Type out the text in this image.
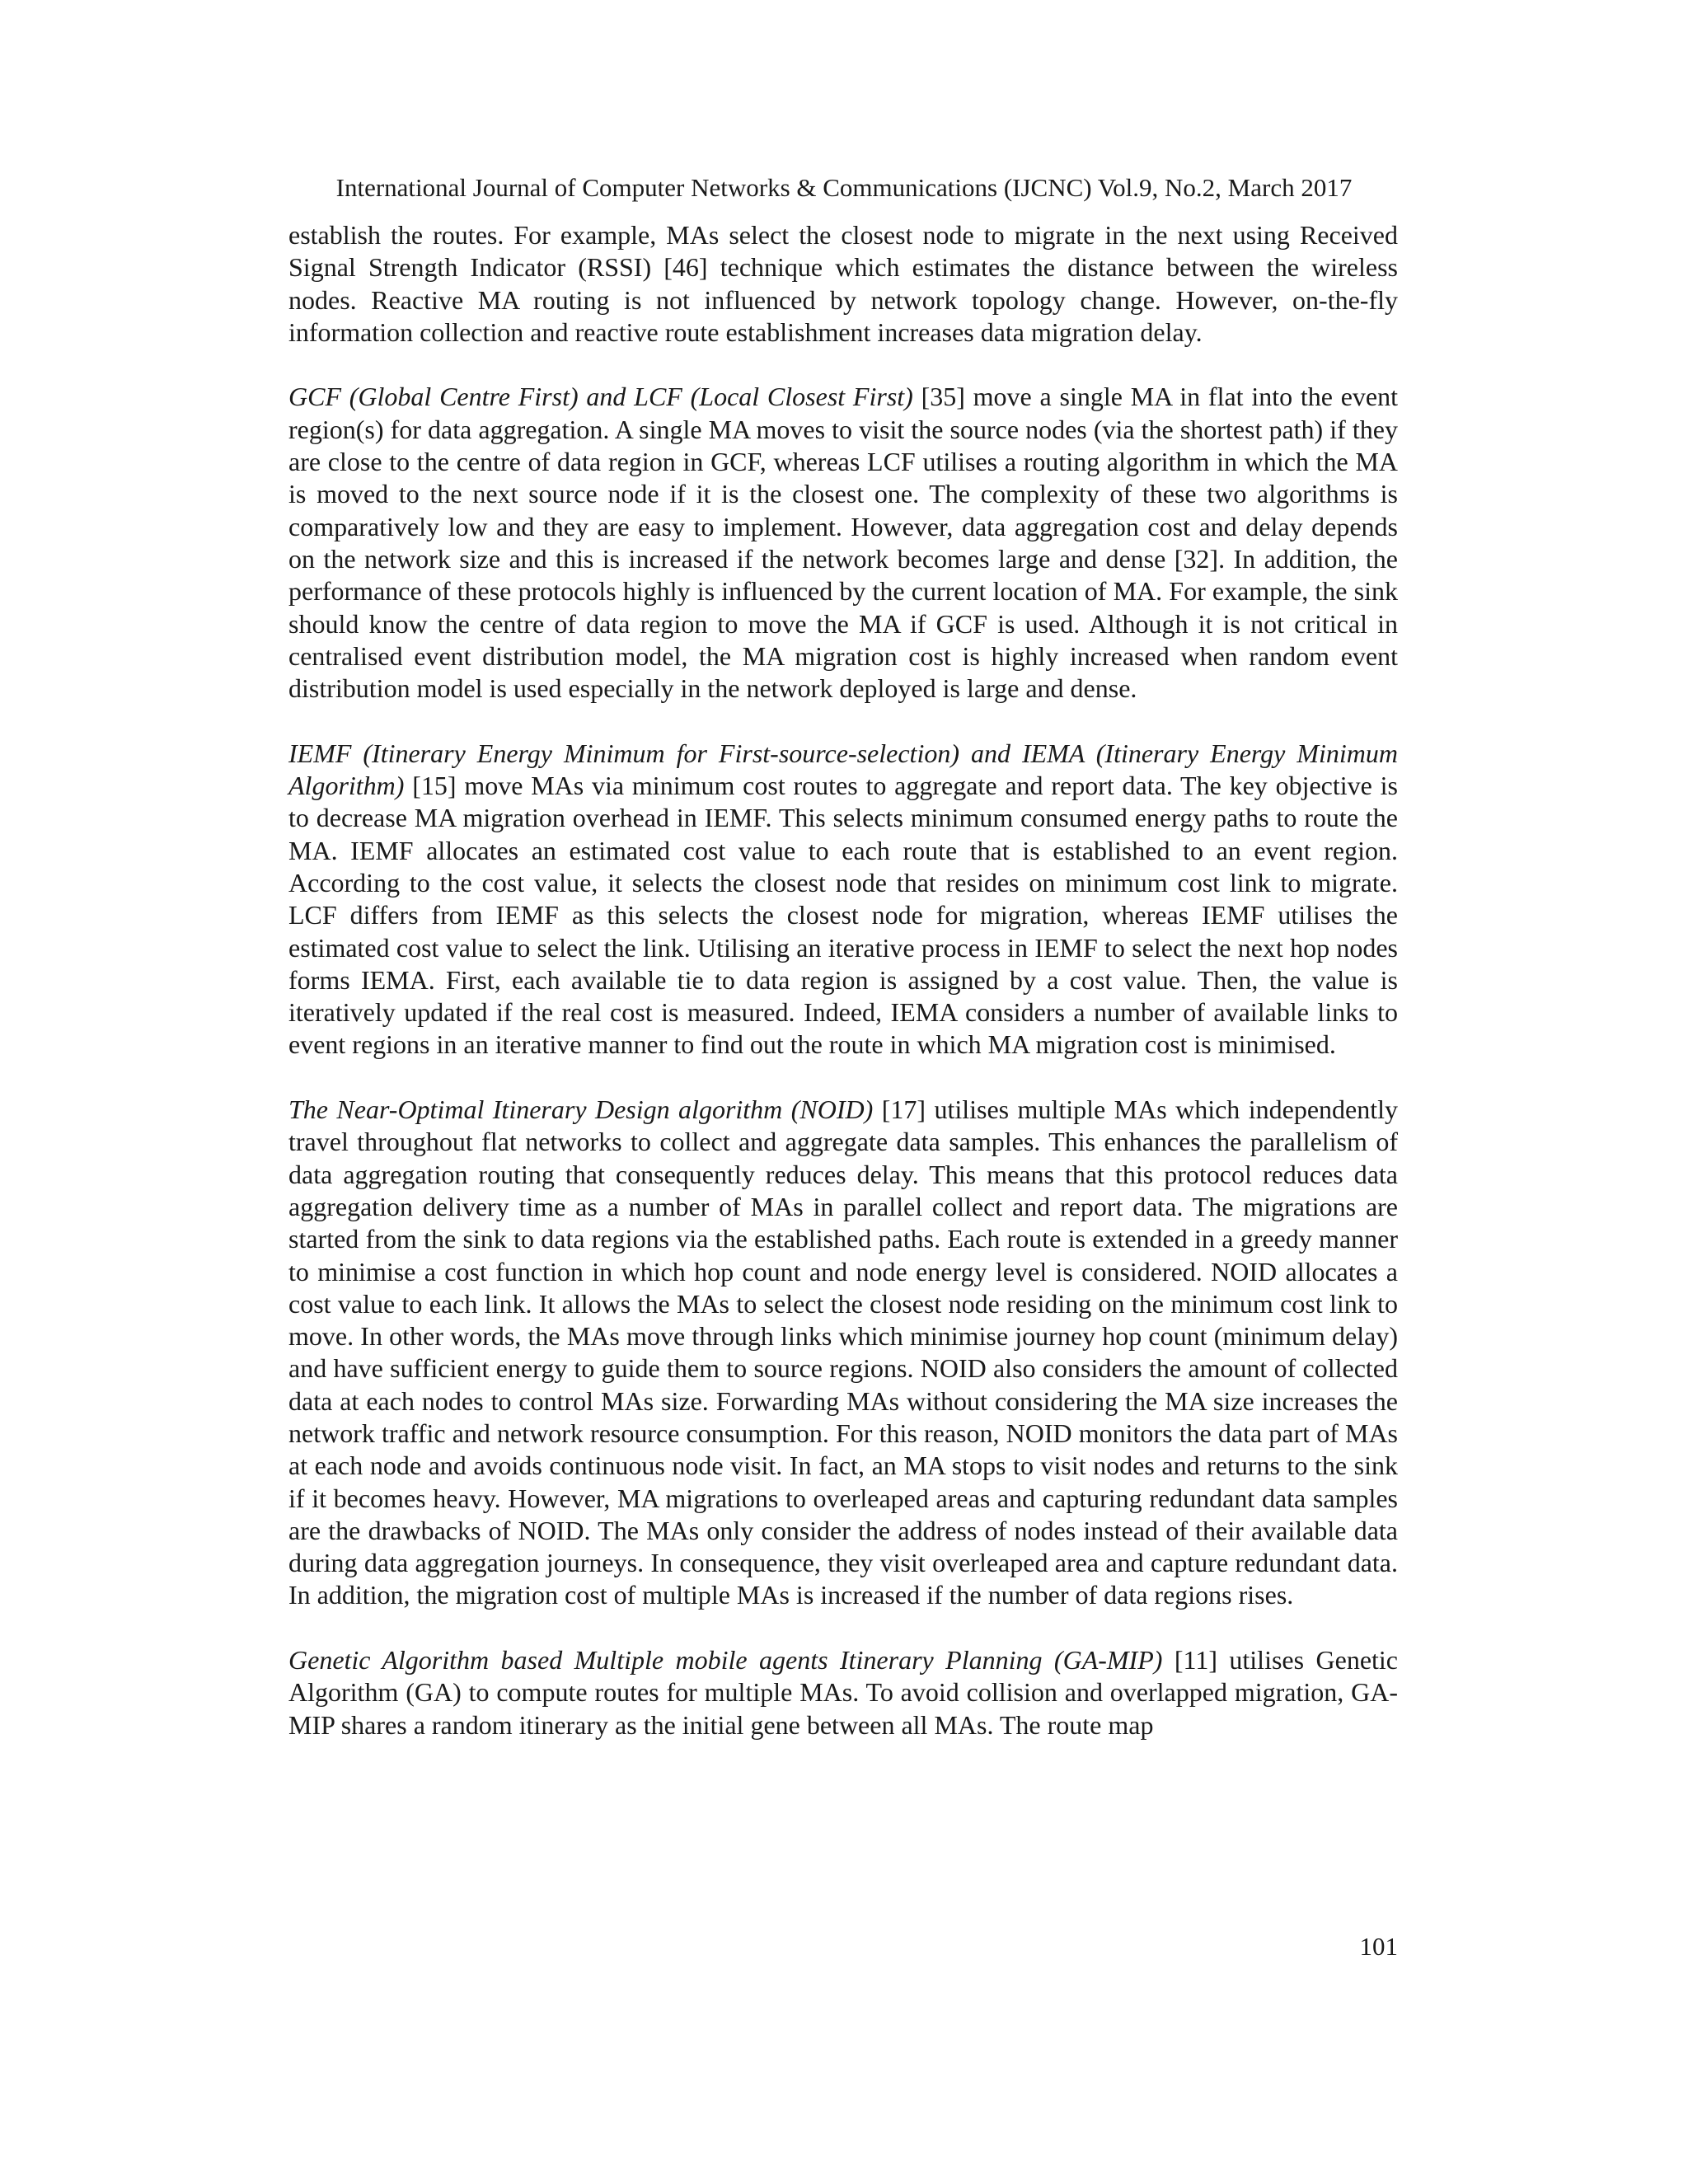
International Journal of Computer Networks & Communications (IJCNC) Vol.9, No.2, March 2017

establish the routes. For example, MAs select the closest node to migrate in the next using Received Signal Strength Indicator (RSSI) [46] technique which estimates the distance between the wireless nodes. Reactive MA routing is not influenced by network topology change. However, on-the-fly information collection and reactive route establishment increases data migration delay.

GCF (Global Centre First) and LCF (Local Closest First) [35] move a single MA in flat into the event region(s) for data aggregation. A single MA moves to visit the source nodes (via the shortest path) if they are close to the centre of data region in GCF, whereas LCF utilises a routing algorithm in which the MA is moved to the next source node if it is the closest one. The complexity of these two algorithms is comparatively low and they are easy to implement. However, data aggregation cost and delay depends on the network size and this is increased if the network becomes large and dense [32]. In addition, the performance of these protocols highly is influenced by the current location of MA. For example, the sink should know the centre of data region to move the MA if GCF is used. Although it is not critical in centralised event distribution model, the MA migration cost is highly increased when random event distribution model is used especially in the network deployed is large and dense.

IEMF (Itinerary Energy Minimum for First-source-selection) and IEMA (Itinerary Energy Minimum Algorithm) [15] move MAs via minimum cost routes to aggregate and report data. The key objective is to decrease MA migration overhead in IEMF. This selects minimum consumed energy paths to route the MA. IEMF allocates an estimated cost value to each route that is established to an event region. According to the cost value, it selects the closest node that resides on minimum cost link to migrate. LCF differs from IEMF as this selects the closest node for migration, whereas IEMF utilises the estimated cost value to select the link. Utilising an iterative process in IEMF to select the next hop nodes forms IEMA. First, each available tie to data region is assigned by a cost value. Then, the value is iteratively updated if the real cost is measured. Indeed, IEMA considers a number of available links to event regions in an iterative manner to find out the route in which MA migration cost is minimised.

The Near-Optimal Itinerary Design algorithm (NOID) [17] utilises multiple MAs which independently travel throughout flat networks to collect and aggregate data samples. This enhances the parallelism of data aggregation routing that consequently reduces delay. This means that this protocol reduces data aggregation delivery time as a number of MAs in parallel collect and report data. The migrations are started from the sink to data regions via the established paths. Each route is extended in a greedy manner to minimise a cost function in which hop count and node energy level is considered. NOID allocates a cost value to each link. It allows the MAs to select the closest node residing on the minimum cost link to move. In other words, the MAs move through links which minimise journey hop count (minimum delay) and have sufficient energy to guide them to source regions. NOID also considers the amount of collected data at each nodes to control MAs size. Forwarding MAs without considering the MA size increases the network traffic and network resource consumption. For this reason, NOID monitors the data part of MAs at each node and avoids continuous node visit. In fact, an MA stops to visit nodes and returns to the sink if it becomes heavy. However, MA migrations to overleaped areas and capturing redundant data samples are the drawbacks of NOID. The MAs only consider the address of nodes instead of their available data during data aggregation journeys. In consequence, they visit overleaped area and capture redundant data. In addition, the migration cost of multiple MAs is increased if the number of data regions rises.

Genetic Algorithm based Multiple mobile agents Itinerary Planning (GA-MIP) [11] utilises Genetic Algorithm (GA) to compute routes for multiple MAs. To avoid collision and overlapped migration, GA-MIP shares a random itinerary as the initial gene between all MAs. The route map

101
